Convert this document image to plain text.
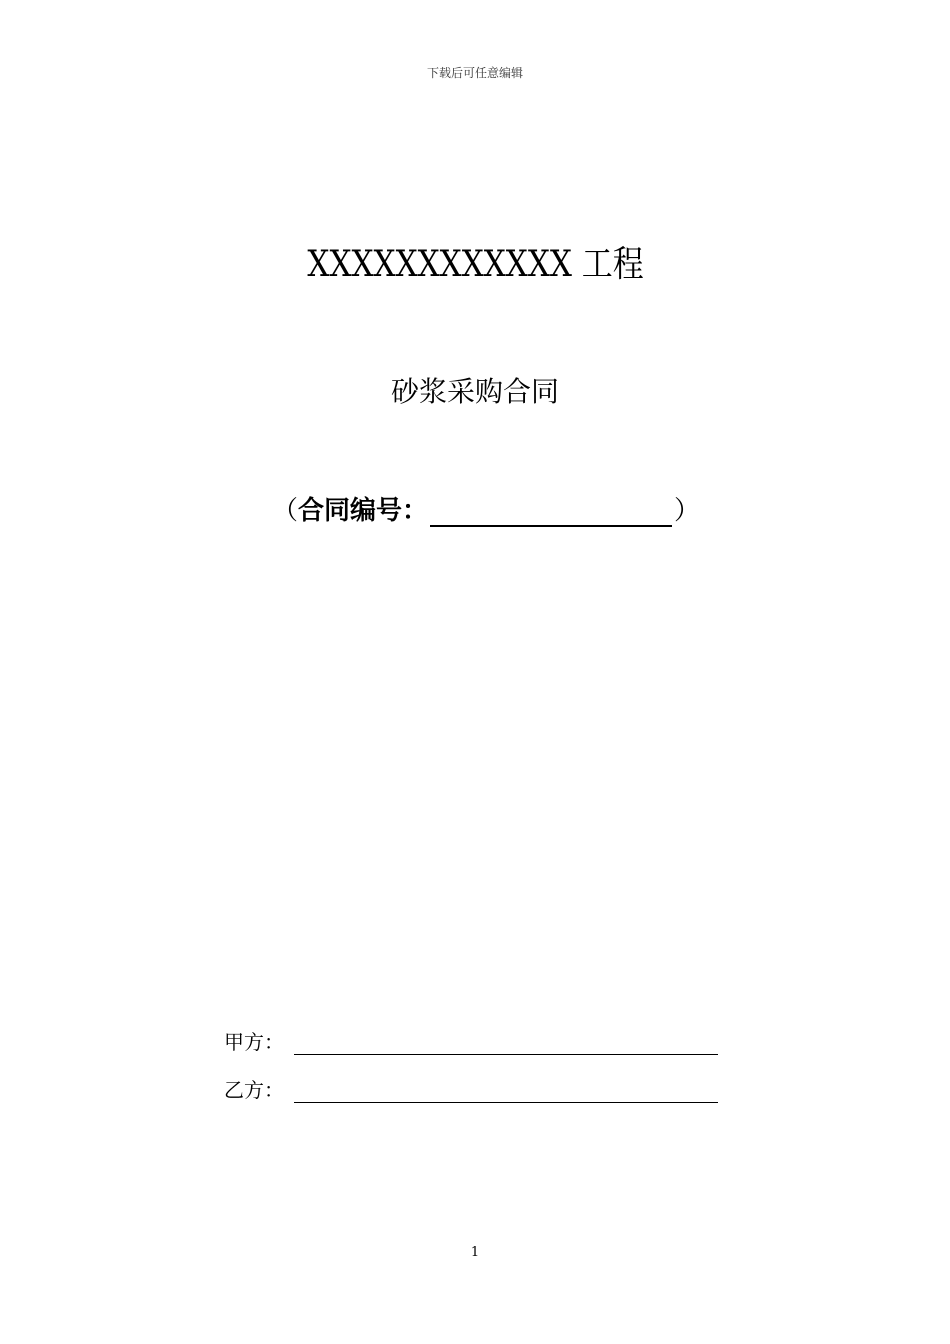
下载后可任意编辑
XXXXXXXXXXXX 工程
砂浆采购合同
（ 合同编号：	）
甲方：
乙方：
1
